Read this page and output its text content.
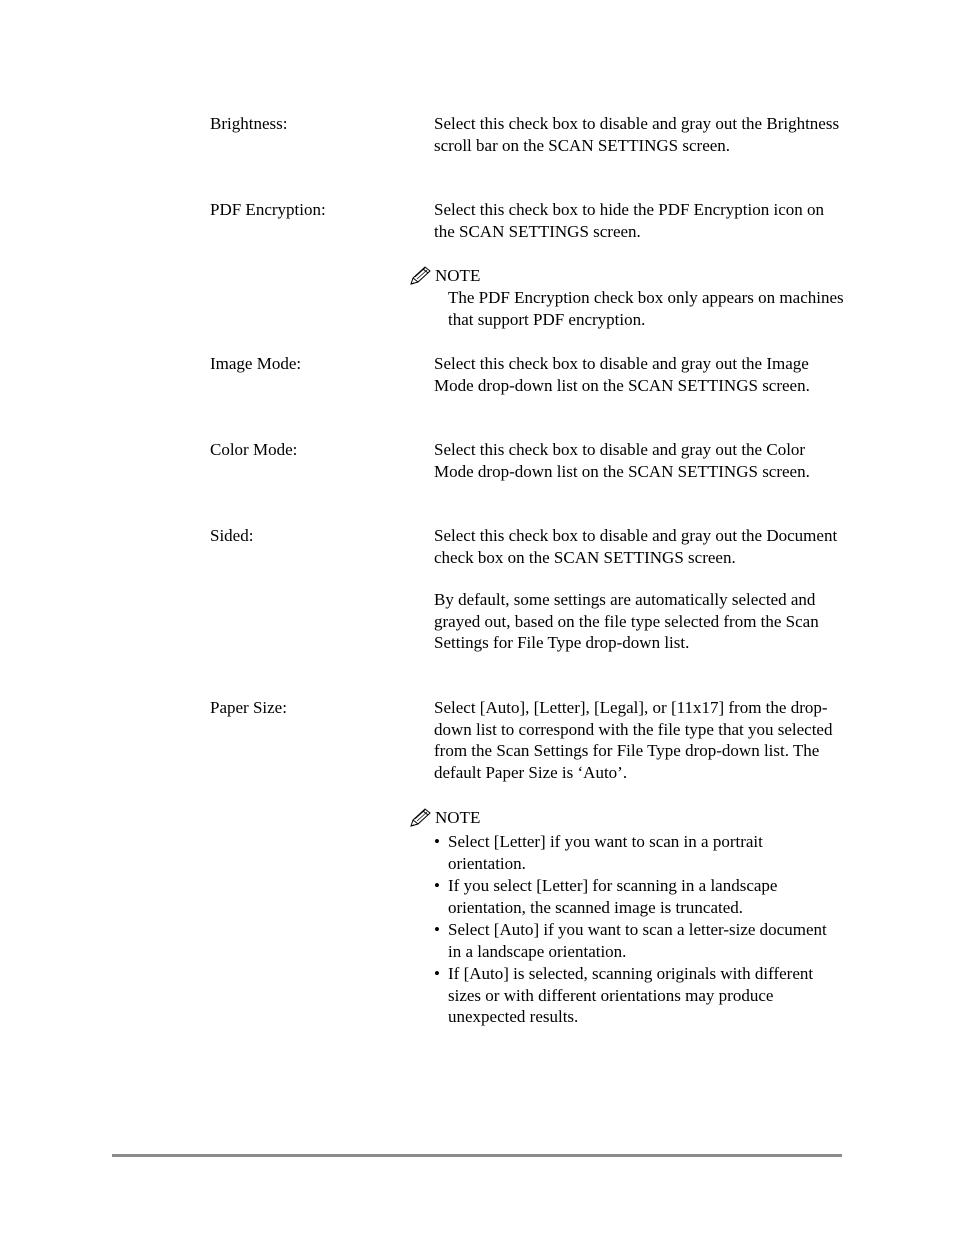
Brightness:	Select this check box to disable and gray out the Brightness scroll bar on the SCAN SETTINGS screen.
PDF Encryption:	Select this check box to hide the PDF Encryption icon on the SCAN SETTINGS screen.
NOTE
The PDF Encryption check box only appears on machines that support PDF encryption.
Image Mode:	Select this check box to disable and gray out the Image Mode drop-down list on the SCAN SETTINGS screen.
Color Mode:	Select this check box to disable and gray out the Color Mode drop-down list on the SCAN SETTINGS screen.
Sided:	Select this check box to disable and gray out the Document check box on the SCAN SETTINGS screen.

By default, some settings are automatically selected and grayed out, based on the file type selected from the Scan Settings for File Type drop-down list.

Paper Size:	Select [Auto], [Letter], [Legal], or [11x17] from the drop-down list to correspond with the file type that you selected from the Scan Settings for File Type drop-down list. The default Paper Size is ‘Auto’.
NOTE
• Select [Letter] if you want to scan in a portrait orientation.
• If you select [Letter] for scanning in a landscape orientation, the scanned image is truncated.
• Select [Auto] if you want to scan a letter-size document in a landscape orientation.
• If [Auto] is selected, scanning originals with different sizes or with different orientations may produce unexpected results.
